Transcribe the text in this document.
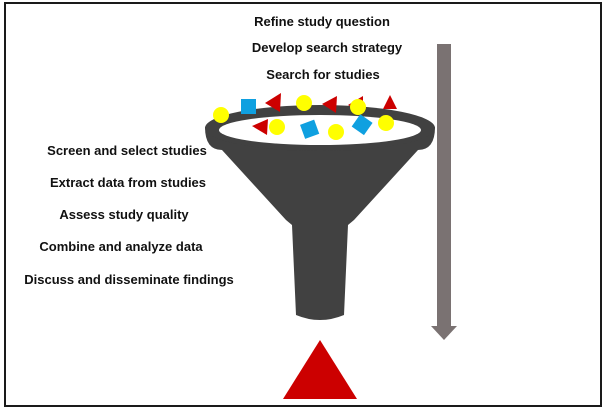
Refine study question
Develop search strategy
Search for studies
Screen and select studies
Extract data from studies
Assess study quality
Combine and analyze data
Discuss and disseminate findings
